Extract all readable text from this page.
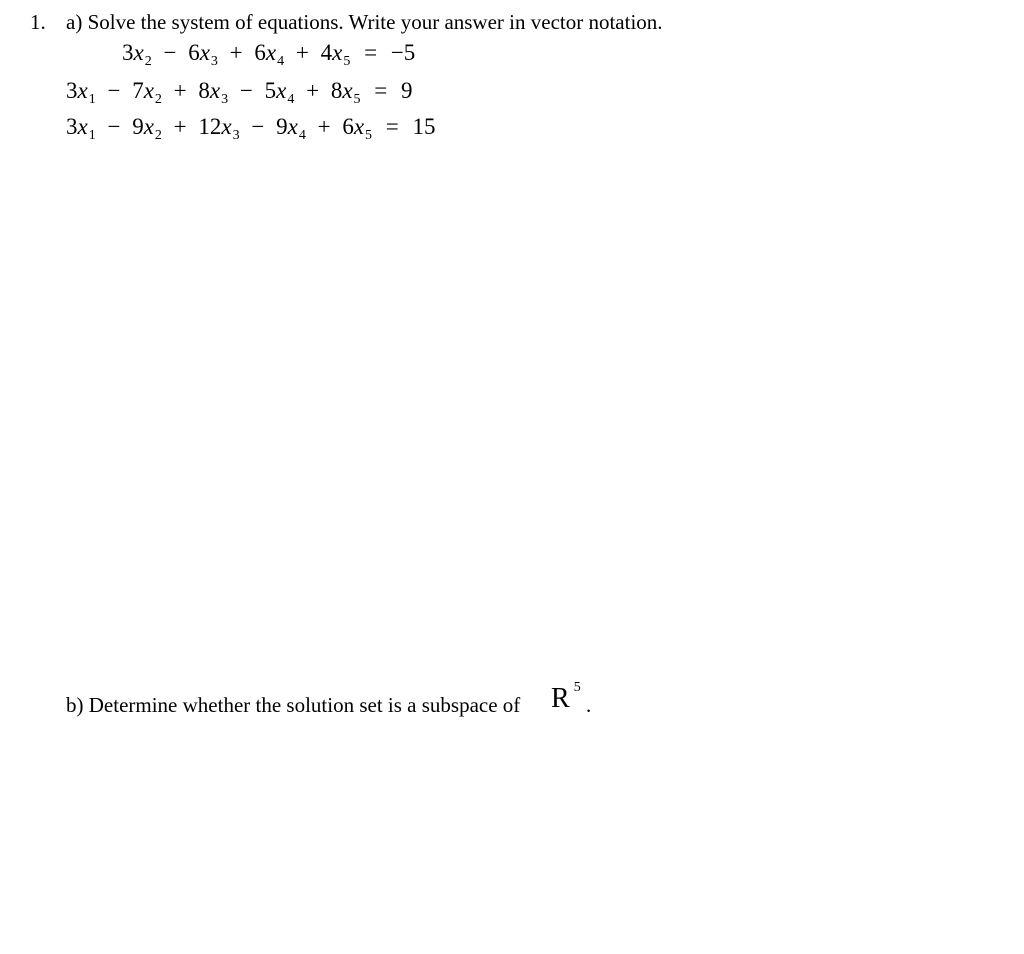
1. a) Solve the system of equations. Write your answer in vector notation.
$3x_2 - 6x_3 + 6x_4 + 4x_5 = -5$
$3x_1 - 7x_2 + 8x_3 - 5x_4 + 8x_5 = 9$
$3x_1 - 9x_2 + 12x_3 - 9x_4 + 6x_5 = 15$
b) Determine whether the solution set is a subspace of R $^5$
.
